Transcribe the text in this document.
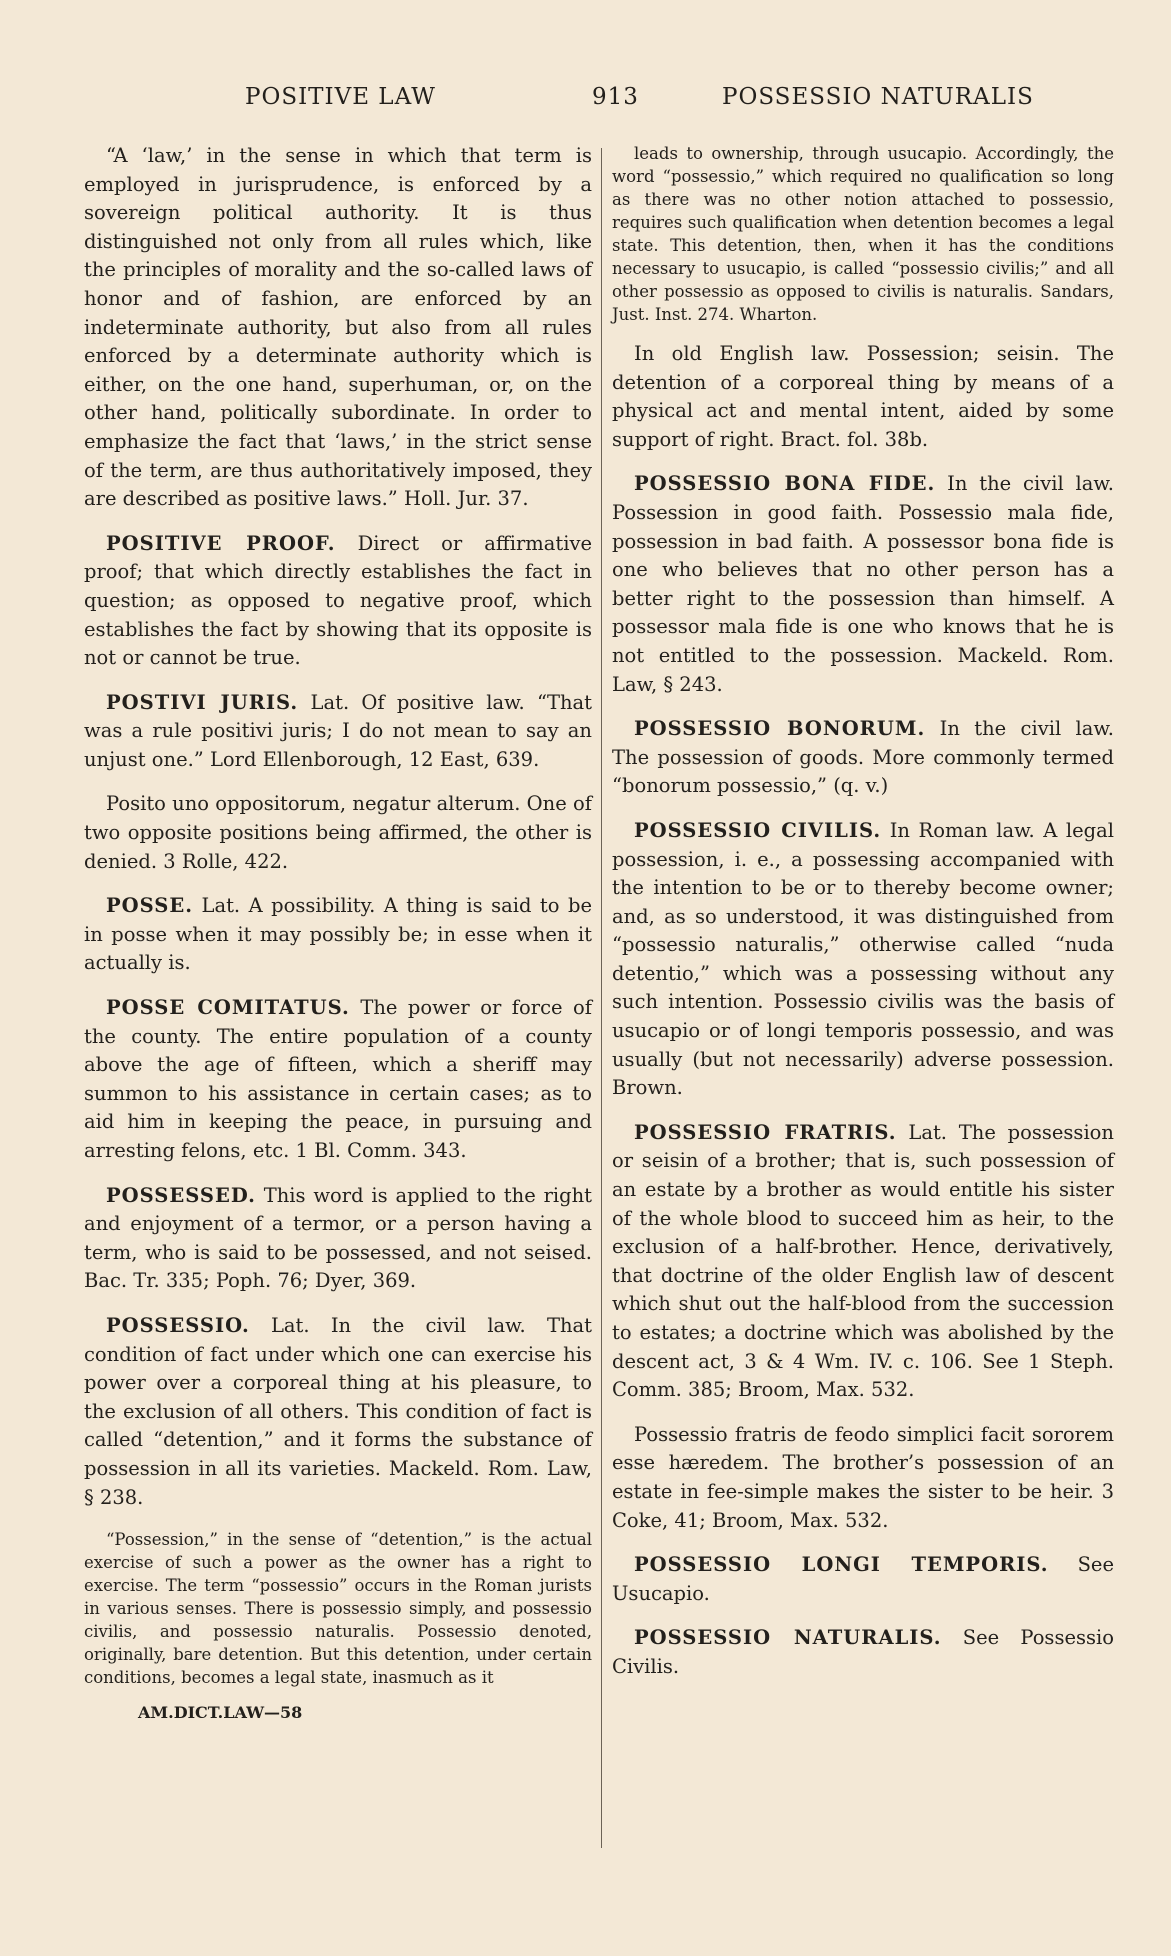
POSITIVE LAW	913	POSSESSIO NATURALIS

“A ‘law,’ in the sense in which that term is employed in jurisprudence, is enforced by a sovereign political authority. It is thus distinguished not only from all rules which, like the principles of morality and the so-called laws of honor and of fashion, are enforced by an indeterminate authority, but also from all rules enforced by a determinate authority which is either, on the one hand, superhuman, or, on the other hand, politically subordinate. In order to emphasize the fact that ‘laws,’ in the strict sense of the term, are thus authoritatively imposed, they are described as positive laws.” Holl. Jur. 37.

POSITIVE PROOF. Direct or affirmative proof; that which directly establishes the fact in question; as opposed to negative proof, which establishes the fact by showing that its opposite is not or cannot be true.

POSTIVI JURIS. Lat. Of positive law. “That was a rule positivi juris; I do not mean to say an unjust one.” Lord Ellenborough, 12 East, 639.

Posito uno oppositorum, negatur alterum. One of two opposite positions being affirmed, the other is denied. 3 Rolle, 422.

POSSE. Lat. A possibility. A thing is said to be in posse when it may possibly be; in esse when it actually is.

POSSE COMITATUS. The power or force of the county. The entire population of a county above the age of fifteen, which a sheriff may summon to his assistance in certain cases; as to aid him in keeping the peace, in pursuing and arresting felons, etc. 1 Bl. Comm. 343.

POSSESSED. This word is applied to the right and enjoyment of a termor, or a person having a term, who is said to be possessed, and not seised. Bac. Tr. 335; Poph. 76; Dyer, 369.

POSSESSIO. Lat. In the civil law. That condition of fact under which one can exercise his power over a corporeal thing at his pleasure, to the exclusion of all others. This condition of fact is called “detention,” and it forms the substance of possession in all its varieties. Mackeld. Rom. Law, § 238.

“Possession,” in the sense of “detention,” is the actual exercise of such a power as the owner has a right to exercise. The term “possessio” occurs in the Roman jurists in various senses. There is possessio simply, and possessio civilis, and possessio naturalis. Possessio denoted, originally, bare detention. But this detention, under certain conditions, becomes a legal state, inasmuch as it

AM.DICT.LAW—58

leads to ownership, through usucapio. Accordingly, the word “possessio,” which required no qualification so long as there was no other notion attached to possessio, requires such qualification when detention becomes a legal state. This detention, then, when it has the conditions necessary to usucapio, is called “possessio civilis;” and all other possessio as opposed to civilis is naturalis. Sandars, Just. Inst. 274. Wharton.

In old English law. Possession; seisin. The detention of a corporeal thing by means of a physical act and mental intent, aided by some support of right. Bract. fol. 38b.

POSSESSIO BONA FIDE. In the civil law. Possession in good faith. Possessio mala fide, possession in bad faith. A possessor bona fide is one who believes that no other person has a better right to the possession than himself. A possessor mala fide is one who knows that he is not entitled to the possession. Mackeld. Rom. Law, § 243.

POSSESSIO BONORUM. In the civil law. The possession of goods. More commonly termed “bonorum possessio,” (q. v.)

POSSESSIO CIVILIS. In Roman law. A legal possession, i. e., a possessing accompanied with the intention to be or to thereby become owner; and, as so understood, it was distinguished from “possessio naturalis,” otherwise called “nuda detentio,” which was a possessing without any such intention. Possessio civilis was the basis of usucapio or of longi temporis possessio, and was usually (but not necessarily) adverse possession. Brown.

POSSESSIO FRATRIS. Lat. The possession or seisin of a brother; that is, such possession of an estate by a brother as would entitle his sister of the whole blood to succeed him as heir, to the exclusion of a half-brother. Hence, derivatively, that doctrine of the older English law of descent which shut out the half-blood from the succession to estates; a doctrine which was abolished by the descent act, 3 & 4 Wm. IV. c. 106. See 1 Steph. Comm. 385; Broom, Max. 532.

Possessio fratris de feodo simplici facit sororem esse hæredem. The brother’s possession of an estate in fee-simple makes the sister to be heir. 3 Coke, 41; Broom, Max. 532.

POSSESSIO LONGI TEMPORIS. See Usucapio.

POSSESSIO NATURALIS. See Possessio Civilis.
